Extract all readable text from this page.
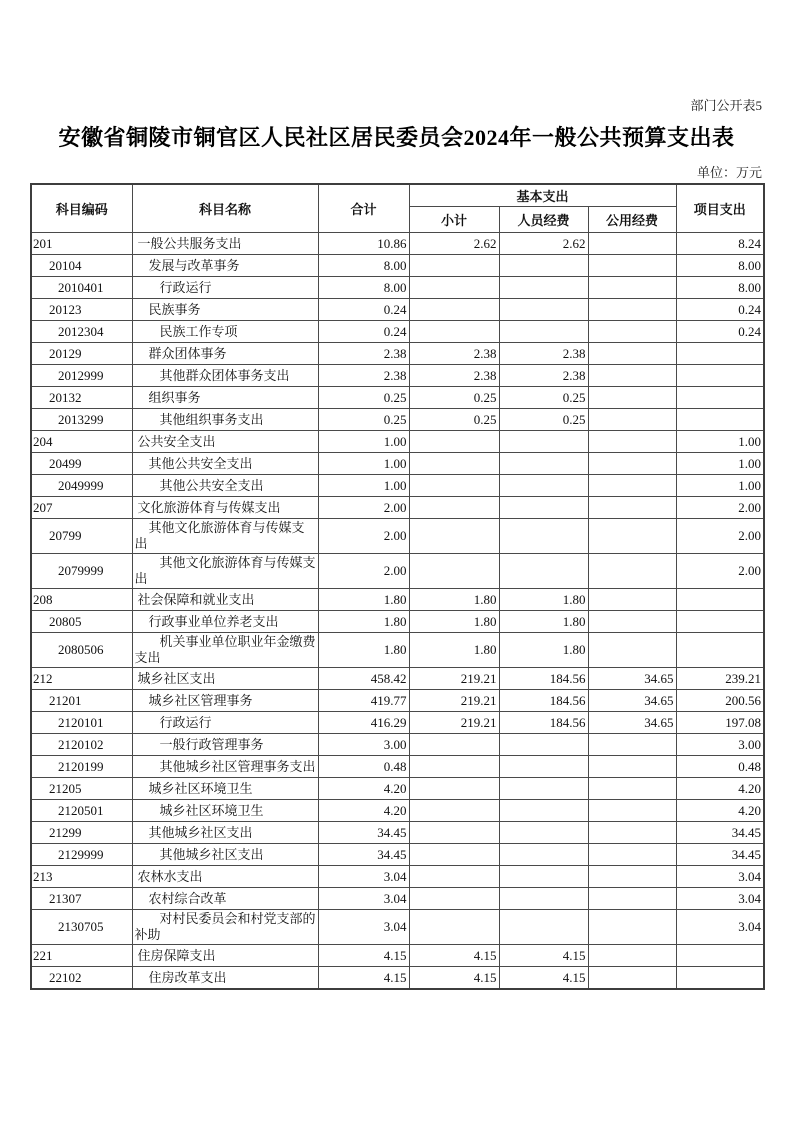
部门公开表5
安徽省铜陵市铜官区人民社区居民委员会2024年一般公共预算支出表
单位：万元
科目编码	科目名称	合计	基本支出			项目支出
			小计	人员经费	公用经费	
201	一般公共服务支出	10.86	2.62	2.62		8.24
20104	发展与改革事务	8.00				8.00
2010401	行政运行	8.00				8.00
20123	民族事务	0.24				0.24
2012304	民族工作专项	0.24				0.24
20129	群众团体事务	2.38	2.38	2.38		
2012999	其他群众团体事务支出	2.38	2.38	2.38		
20132	组织事务	0.25	0.25	0.25		
2013299	其他组织事务支出	0.25	0.25	0.25		
204	公共安全支出	1.00				1.00
20499	其他公共安全支出	1.00				1.00
2049999	其他公共安全支出	1.00				1.00
207	文化旅游体育与传媒支出	2.00				2.00
20799	其他文化旅游体育与传媒支出	2.00				2.00
2079999	其他文化旅游体育与传媒支出	2.00				2.00
208	社会保障和就业支出	1.80	1.80	1.80		
20805	行政事业单位养老支出	1.80	1.80	1.80		
2080506	机关事业单位职业年金缴费支出	1.80	1.80	1.80		
212	城乡社区支出	458.42	219.21	184.56	34.65	239.21
21201	城乡社区管理事务	419.77	219.21	184.56	34.65	200.56
2120101	行政运行	416.29	219.21	184.56	34.65	197.08
2120102	一般行政管理事务	3.00				3.00
2120199	其他城乡社区管理事务支出	0.48				0.48
21205	城乡社区环境卫生	4.20				4.20
2120501	城乡社区环境卫生	4.20				4.20
21299	其他城乡社区支出	34.45				34.45
2129999	其他城乡社区支出	34.45				34.45
213	农林水支出	3.04				3.04
21307	农村综合改革	3.04				3.04
2130705	对村民委员会和村党支部的补助	3.04				3.04
221	住房保障支出	4.15	4.15	4.15		
22102	住房改革支出	4.15	4.15	4.15		
